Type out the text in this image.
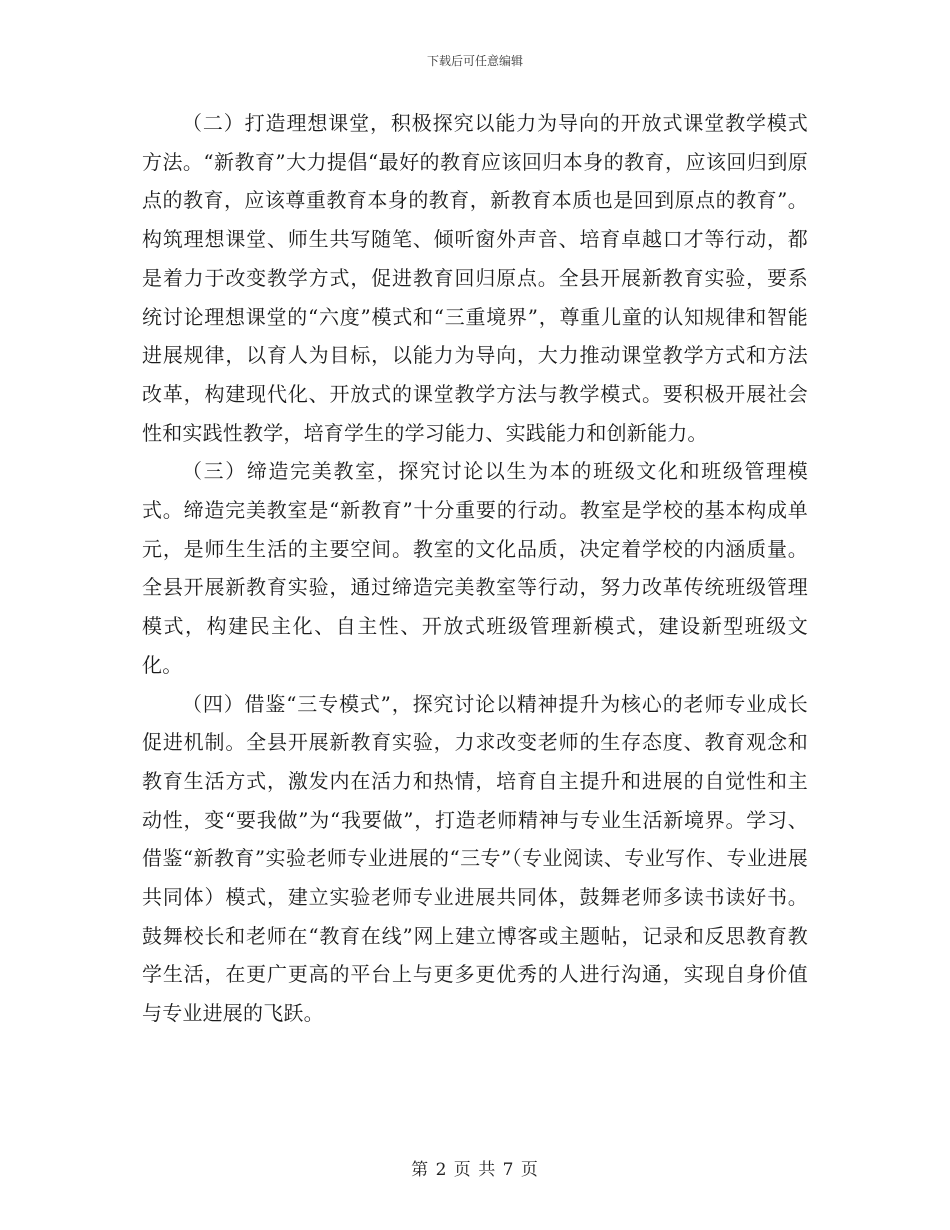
下载后可任意编辑

（二）打造理想课堂，积极探究以能力为导向的开放式课堂教学模式方法。“新教育”大力提倡“最好的教育应该回归本身的教育，应该回归到原点的教育，应该尊重教育本身的教育，新教育本质也是回到原点的教育”。构筑理想课堂、师生共写随笔、倾听窗外声音、培育卓越口才等行动，都是着力于改变教学方式，促进教育回归原点。全县开展新教育实验，要系统讨论理想课堂的“六度”模式和“三重境界”，尊重儿童的认知规律和智能进展规律，以育人为目标，以能力为导向，大力推动课堂教学方式和方法改革，构建现代化、开放式的课堂教学方法与教学模式。要积极开展社会性和实践性教学，培育学生的学习能力、实践能力和创新能力。

（三）缔造完美教室，探究讨论以生为本的班级文化和班级管理模式。缔造完美教室是“新教育”十分重要的行动。教室是学校的基本构成单元，是师生生活的主要空间。教室的文化品质，决定着学校的内涵质量。全县开展新教育实验，通过缔造完美教室等行动，努力改革传统班级管理模式，构建民主化、自主性、开放式班级管理新模式，建设新型班级文化。

（四）借鉴“三专模式”，探究讨论以精神提升为核心的老师专业成长促进机制。全县开展新教育实验，力求改变老师的生存态度、教育观念和教育生活方式，激发内在活力和热情，培育自主提升和进展的自觉性和主动性，变“要我做”为“我要做”，打造老师精神与专业生活新境界。学习、借鉴“新教育”实验老师专业进展的“三专”（专业阅读、专业写作、专业进展共同体）模式，建立实验老师专业进展共同体，鼓舞老师多读书读好书。鼓舞校长和老师在“教育在线”网上建立博客或主题帖，记录和反思教育教学生活，在更广更高的平台上与更多更优秀的人进行沟通，实现自身价值与专业进展的飞跃。

第 2 页 共 7 页
